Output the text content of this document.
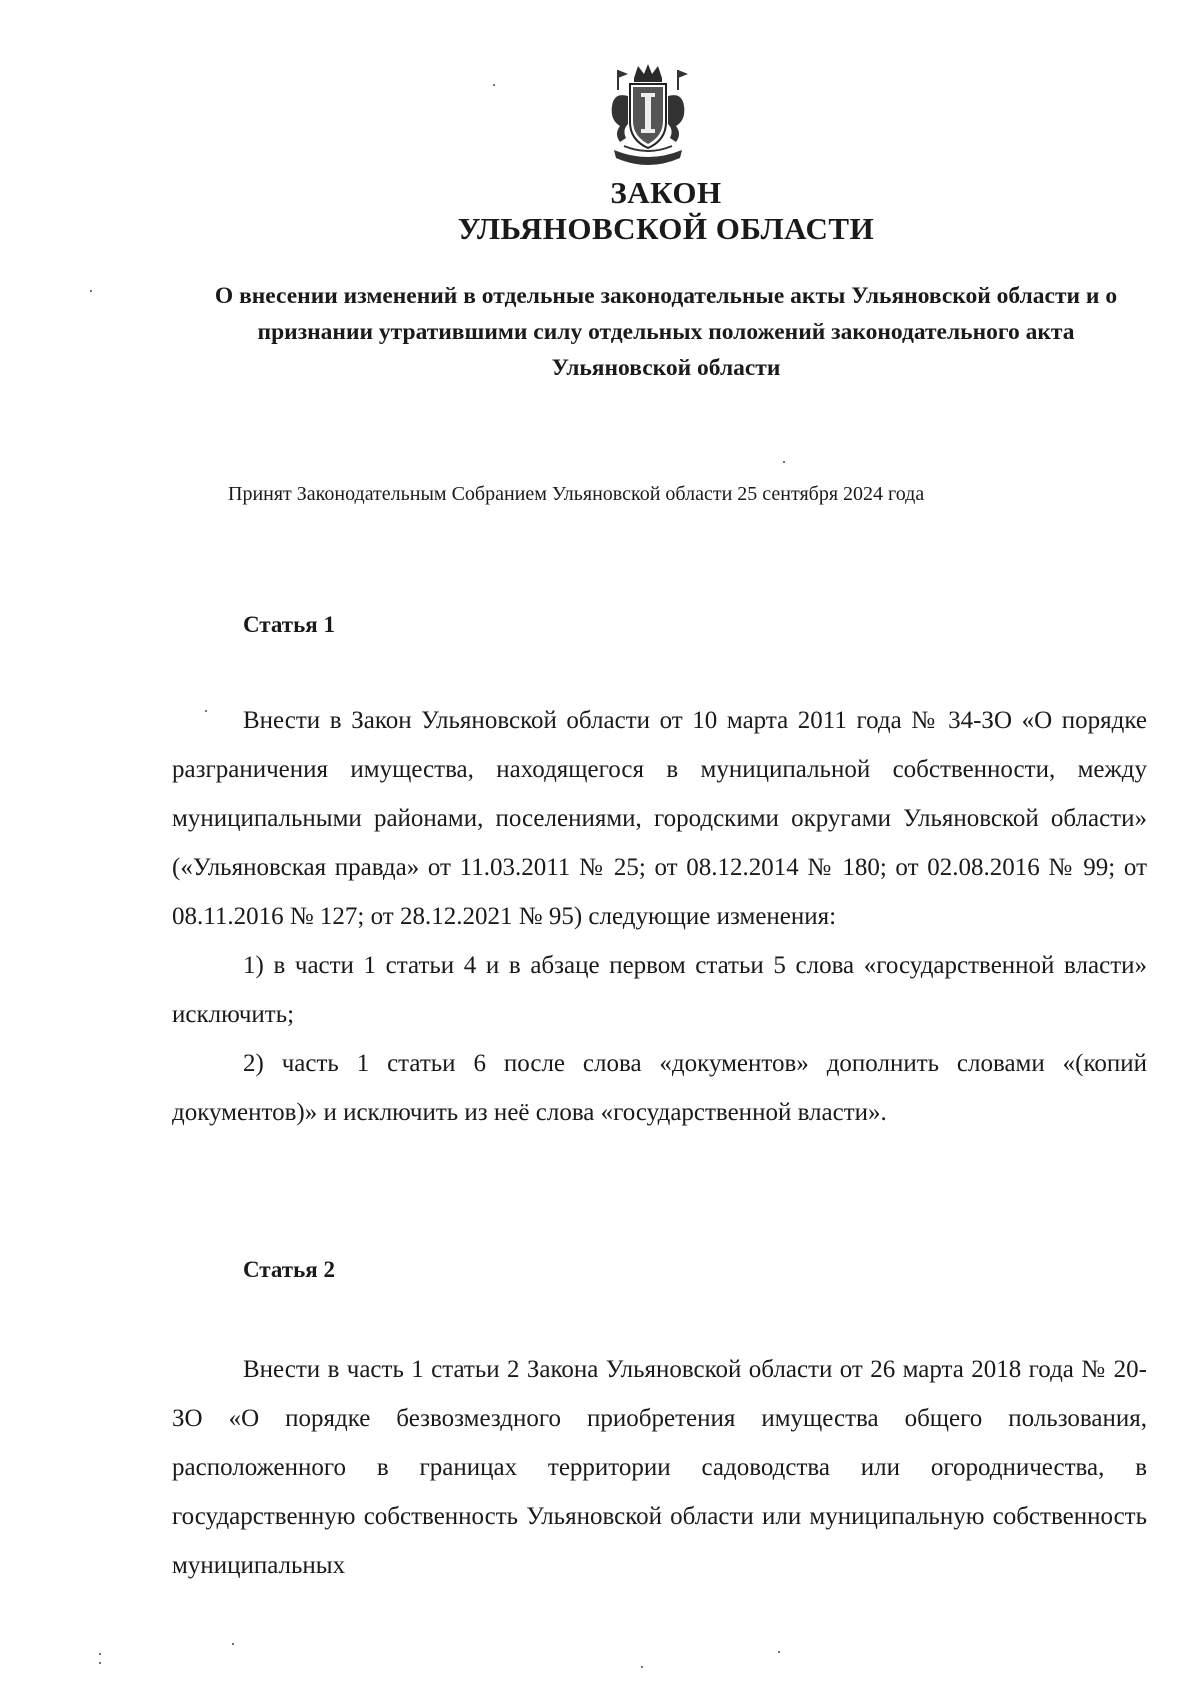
ЗАКОН
УЛЬЯНОВСКОЙ ОБЛАСТИ
О внесении изменений в отдельные законодательные акты Ульяновской области и о признании утратившими силу отдельных положений законодательного акта Ульяновской области
Принят Законодательным Собранием Ульяновской области 25 сентября 2024 года
Статья 1

Внести в Закон Ульяновской области от 10 марта 2011 года № 34-ЗО «О порядке разграничения имущества, находящегося в муниципальной собственности, между муниципальными районами, поселениями, городскими округами Ульяновской области» («Ульяновская правда» от 11.03.2011 № 25; от 08.12.2014 № 180; от 02.08.2016 № 99; от 08.11.2016 № 127; от 28.12.2021 № 95) следующие изменения:

1) в части 1 статьи 4 и в абзаце первом статьи 5 слова «государственной власти» исключить;

2) часть 1 статьи 6 после слова «документов» дополнить словами «(копий документов)» и исключить из неё слова «государственной власти».

Статья 2

Внести в часть 1 статьи 2 Закона Ульяновской области от 26 марта 2018 года № 20-ЗО «О порядке безвозмездного приобретения имущества общего пользования, расположенного в границах территории садоводства или огородничества, в государственную собственность Ульяновской области или муниципальную собственность муниципальных
